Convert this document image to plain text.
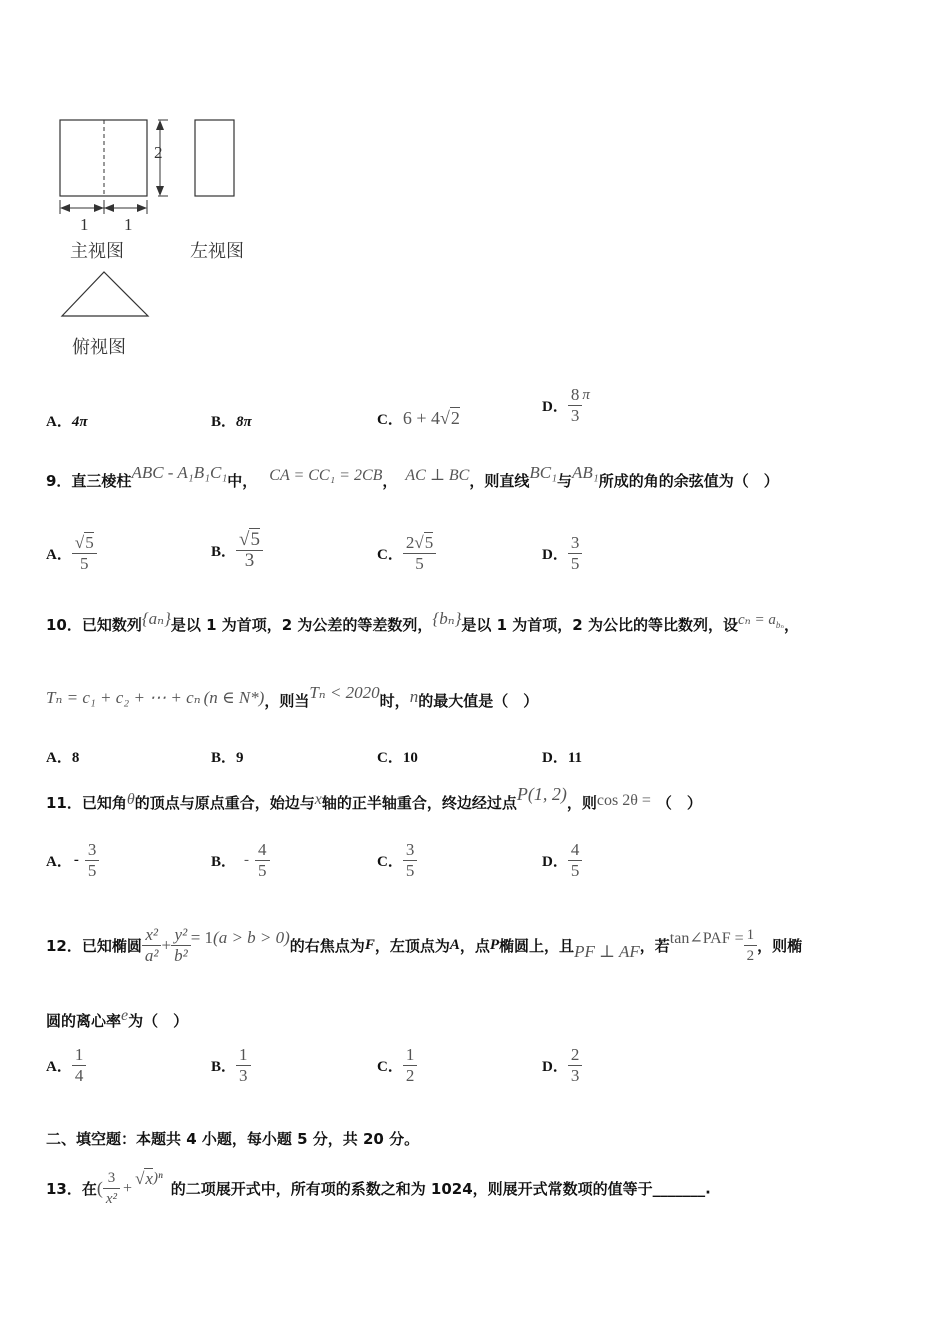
1 1
2
主视图	左视图
俯视图
A．4π	B．8π	C．6 + 4√2
D． $\frac{8}{3}$ π
9．直三棱柱ABC - A₁B₁C₁中， CA = CC₁ = 2CB， AC ⊥ BC，则直线BC₁与AB₁所成的角的余弦值为（　）
A． $\frac{√5}{5}$	B． $\frac{√5}{3}$	C． $\frac{2√5}{5}$	D． $\frac{3}{5}$
10．已知数列{aₙ}是以 1 为首项，2 为公差的等差数列，{bₙ}是以 1 为首项，2 为公比的等比数列，设$c_n = a_{b_n}$，
Tₙ = c₁ + c₂ + ⋯ + cₙ (n ∈ N*)，则当Tₙ < 2020时，n的最大值是（　）
A．8	B．9	C．10	D．11
11．已知角θ的顶点与原点重合，始边与x轴的正半轴重合，终边经过点P(1, 2)，则cos 2θ = （　）
A． - $\frac{3}{5}$	B． - $\frac{4}{5}$	C． $\frac{3}{5}$	D． $\frac{4}{5}$
12．已知椭圆 $\frac{\text{x²}}{\text{a²}} + \frac{\text{y²}}{\text{b²}} = 1(a > b > 0)$的右焦点为F，左顶点为A，点P椭圆上，且PF ⊥ AF，若tan∠PAF = $\frac{1}{2}$ ，则椭
圆的离心率e为（　）
A． $\frac{1}{4}$	B． $\frac{1}{3}$	C． $\frac{1}{2}$	D． $\frac{2}{3}$
二、填空题：本题共 4 小题，每小题 5 分，共 20 分。
13．在( $\frac{3}{\text{x²}} +√x)^n$的二项展开式中，所有项的系数之和为 1024，则展开式常数项的值等于_______.
